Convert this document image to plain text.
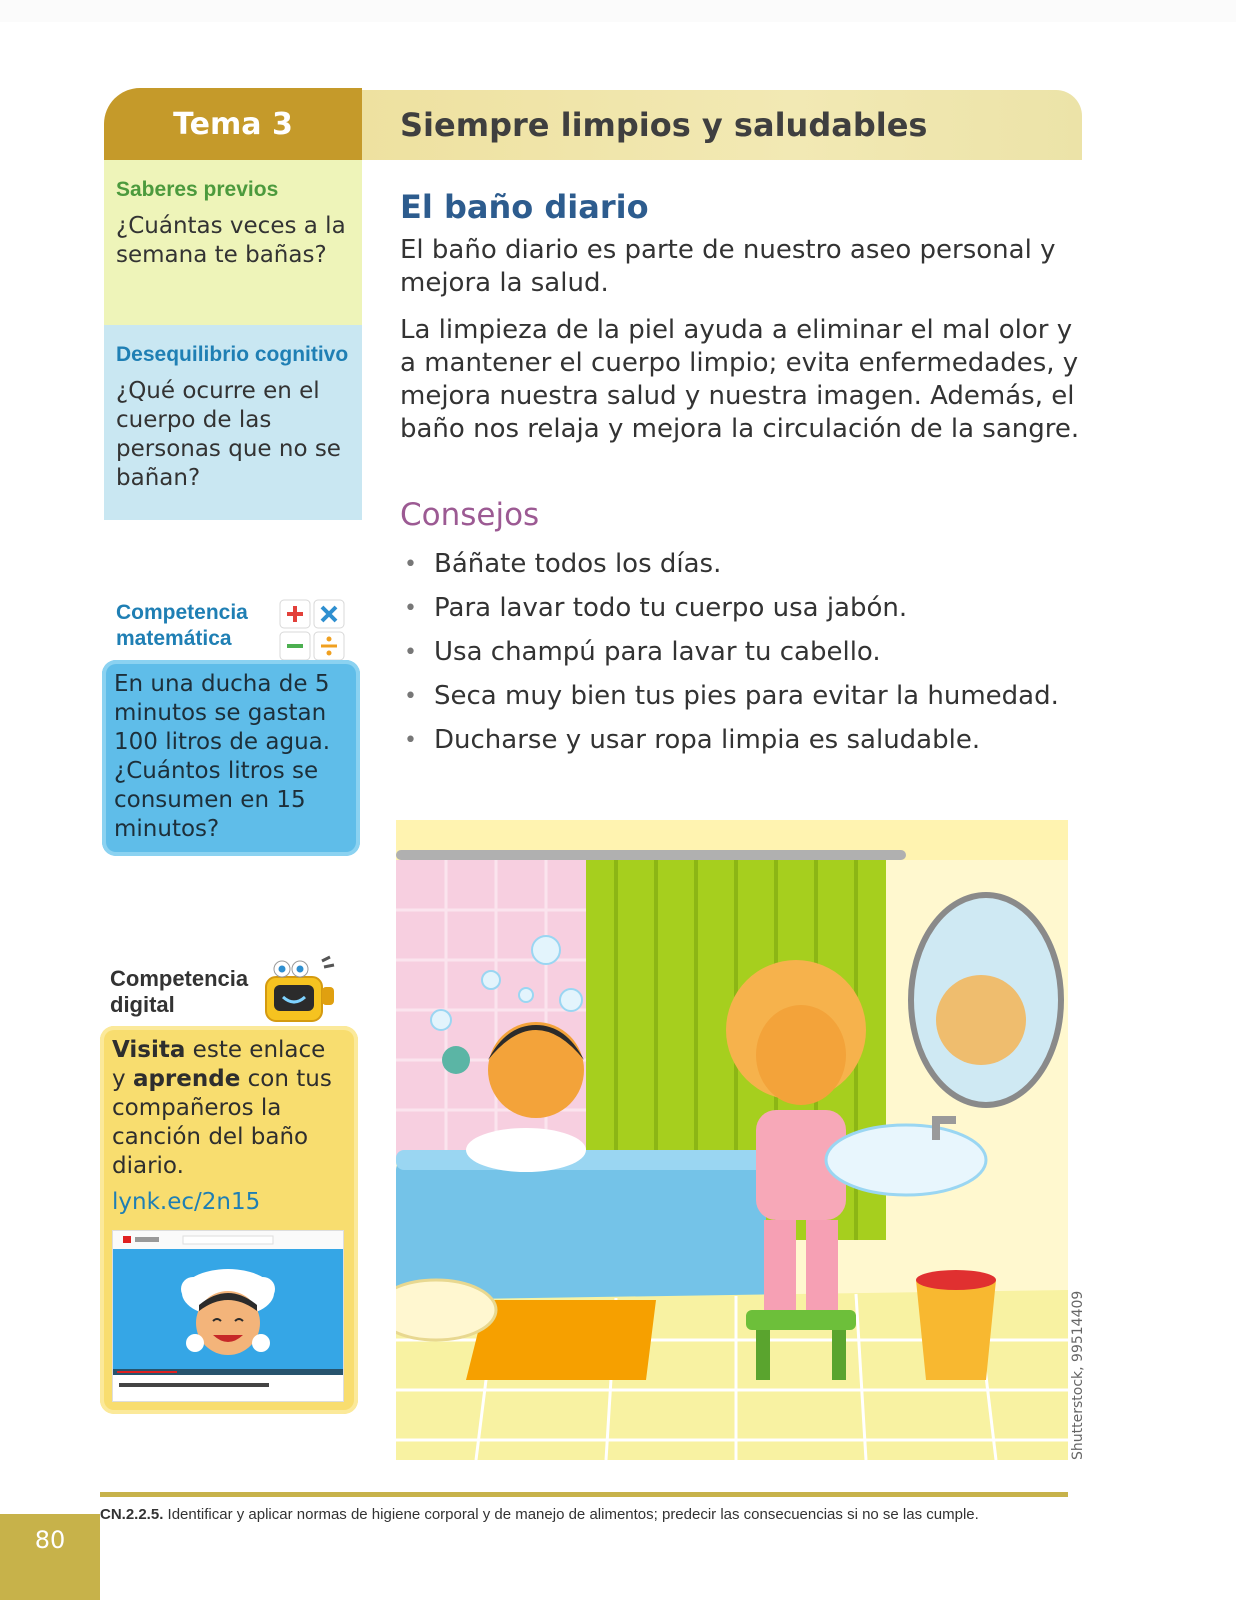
Tema 3	Siempre limpios y saludables
Saberes previos
¿Cuántas veces a la semana te bañas?
Desequilibrio cognitivo
¿Qué ocurre en el cuerpo de las personas que no se bañan?
Competencia matemática
En una ducha de 5 minutos se gastan 100 litros de agua. ¿Cuántos litros se consumen en 15 minutos?
Competencia digital
Visita este enlace y aprende con tus compañeros la canción del baño diario.
lynk.ec/2n15
El baño diario
El baño diario es parte de nuestro aseo personal y mejora la salud.
La limpieza de la piel ayuda a eliminar el mal olor y a mantener el cuerpo limpio; evita enfermedades, y mejora nuestra salud y nuestra imagen. Además, el baño nos relaja y mejora la circulación de la sangre.
Consejos
• Báñate todos los días.
• Para lavar todo tu cuerpo usa jabón.
• Usa champú para lavar tu cabello.
• Seca muy bien tus pies para evitar la humedad.
• Ducharse y usar ropa limpia es saludable.
Shutterstock, 99514409
CN.2.2.5. Identificar y aplicar normas de higiene corporal y de manejo de alimentos; predecir las consecuencias si no se las cumple.
80
